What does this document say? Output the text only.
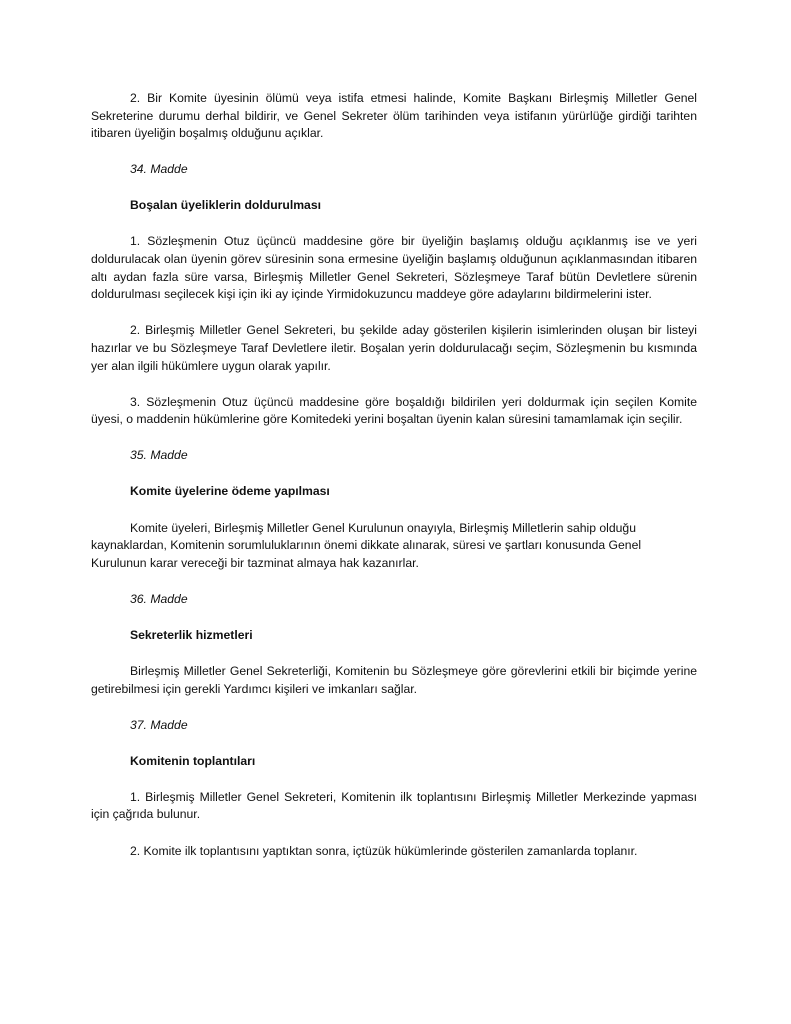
2. Bir Komite üyesinin ölümü veya istifa etmesi halinde, Komite Başkanı Birleşmiş Milletler Genel Sekreterine durumu derhal bildirir, ve Genel Sekreter ölüm tarihinden veya istifanın yürürlüğe girdiği tarihten itibaren üyeliğin boşalmış olduğunu açıklar.

34. Madde

Boşalan üyeliklerin doldurulması

1. Sözleşmenin Otuz üçüncü maddesine göre bir üyeliğin başlamış olduğu açıklanmış ise ve yeri doldurulacak olan üyenin görev süresinin sona ermesine üyeliğin başlamış olduğunun açıklanmasından itibaren altı aydan fazla süre varsa, Birleşmiş Milletler Genel Sekreteri, Sözleşmeye Taraf bütün Devletlere sürenin doldurulması seçilecek kişi için iki ay içinde Yirmidokuzuncu maddeye göre adaylarını bildirmelerini ister.

2. Birleşmiş Milletler Genel Sekreteri, bu şekilde aday gösterilen kişilerin isimlerinden oluşan bir listeyi hazırlar ve bu Sözleşmeye Taraf Devletlere iletir. Boşalan yerin doldurulacağı seçim, Sözleşmenin bu kısmında yer alan ilgili hükümlere uygun olarak yapılır.

3. Sözleşmenin Otuz üçüncü maddesine göre boşaldığı bildirilen yeri doldurmak için seçilen Komite üyesi, o maddenin hükümlerine göre Komitedeki yerini boşaltan üyenin kalan süresini tamamlamak için seçilir.

35. Madde

Komite üyelerine ödeme yapılması

Komite üyeleri, Birleşmiş Milletler Genel Kurulunun onayıyla, Birleşmiş Milletlerin sahip olduğu kaynaklardan, Komitenin sorumluluklarının önemi dikkate alınarak, süresi ve şartları konusunda Genel Kurulunun karar vereceği bir tazminat almaya hak kazanırlar.

36. Madde

Sekreterlik hizmetleri

Birleşmiş Milletler Genel Sekreterliği, Komitenin bu Sözleşmeye göre görevlerini etkili bir biçimde yerine getirebilmesi için gerekli Yardımcı kişileri ve imkanları sağlar.

37. Madde

Komitenin toplantıları

1. Birleşmiş Milletler Genel Sekreteri, Komitenin ilk toplantısını Birleşmiş Milletler Merkezinde yapması için çağrıda bulunur.

2. Komite ilk toplantısını yaptıktan sonra, içtüzük hükümlerinde gösterilen zamanlarda toplanır.
